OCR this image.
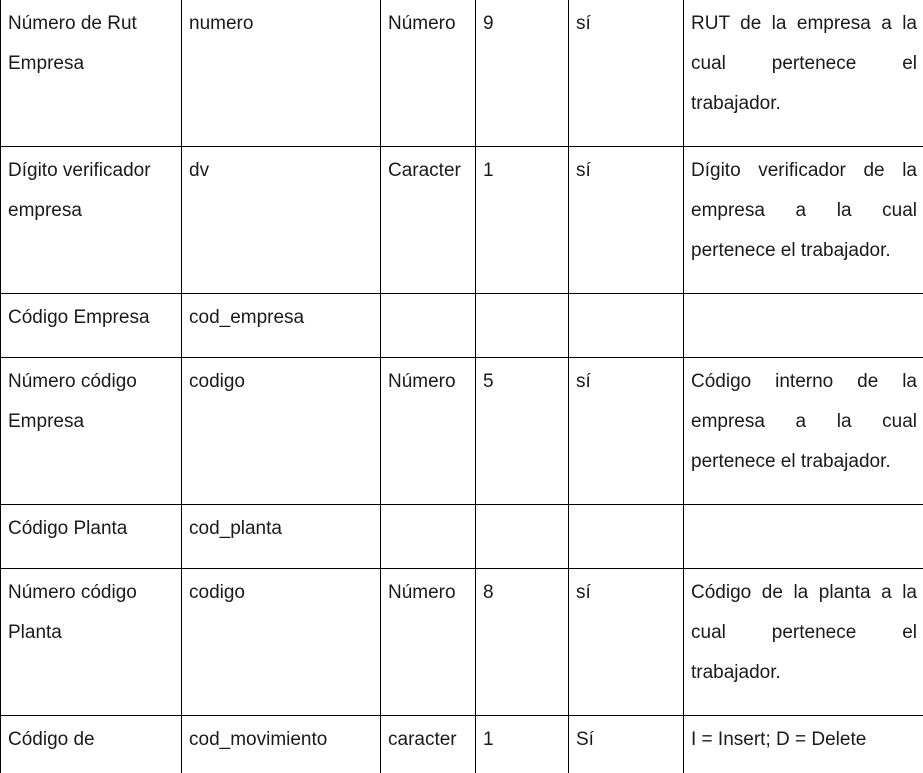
Número de Rut Empresa	numero	Número	9	sí	RUT de la empresa a la cual pertenece el trabajador.
Dígito verificador empresa	dv	Caracter	1	sí	Dígito verificador de la empresa a la cual pertenece el trabajador.
Código Empresa	cod_empresa				
Número código Empresa	codigo	Número	5	sí	Código interno de la empresa a la cual pertenece el trabajador.
Código Planta	cod_planta				
Número código Planta	codigo	Número	8	sí	Código de la planta a la cual pertenece el trabajador.
Código de	cod_movimiento	caracter	1	Sí	I = Insert; D = Delete
